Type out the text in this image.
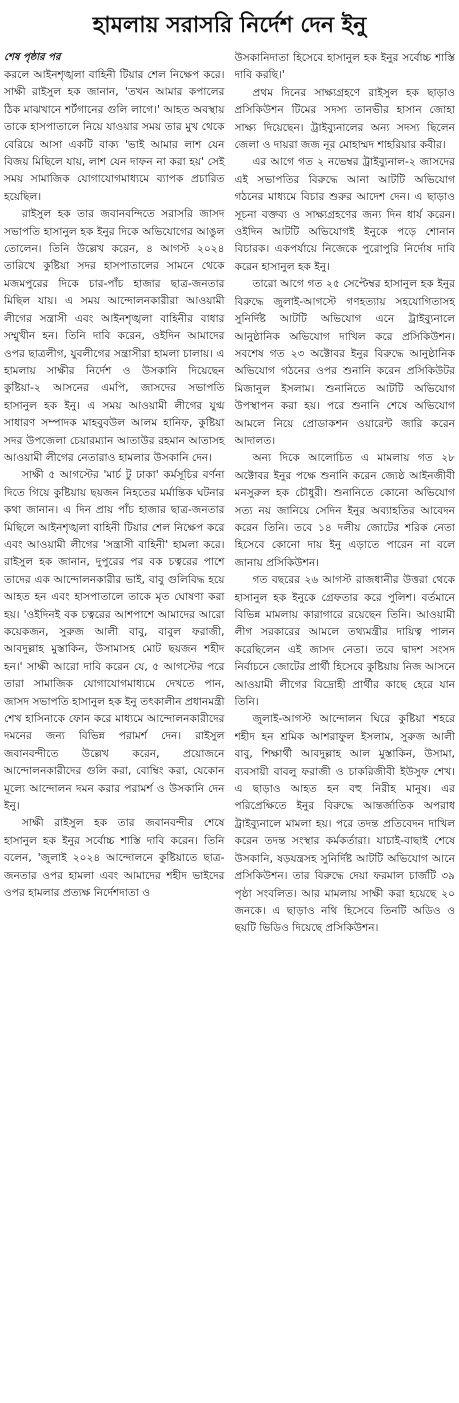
হামলায় সরাসরি নির্দেশ দেন ইনু
শেষ পৃষ্ঠার পর

করলে আইনশৃঙ্খলা বাহিনী টিয়ার শেল নিক্ষেপ করে। সাক্ষী রাইসুল হক জানান, 'তখন আমার কপালের ঠিক মাঝখানে শর্টগানের গুলি লাগে।' আহত অবস্থায় তাকে হাসপাতালে নিয়ে যাওয়ার সময় তার মুখ থেকে বেরিয়ে আসা একটি বাক্য 'ভাই আমার লাশ যেন বিজয় মিছিলে যায়, লাশ যেন দাফন না করা হয়' সেই সময় সামাজিক যোগাযোগমাধ্যমে ব্যাপক প্রচারিত হয়েছিল।

রাইসুল হক তার জবানবন্দিতে সরাসরি জাসদ সভাপতি হাসানুল হক ইনুর দিকে অভিযোগের আঙুল তোলেন। তিনি উল্লেখ করেন, ৪ আগস্ট ২০২৪ তারিখে কুষ্টিয়া সদর হাসপাতালের সামনে থেকে মজমপুরের দিকে চার-পাঁচ হাজার ছাত্র-জনতার মিছিল যায়। এ সময় আন্দোলনকারীরা আওয়ামী লীগের সন্ত্রাসী এবং আইনশৃঙ্খলা বাহিনীর বাধার সম্মুখীন হন। তিনি দাবি করেন, ওইদিন আমাদের ওপর ছাত্রলীগ, যুবলীগের সন্ত্রাসীরা হামলা চালায়। এ হামলায় সাক্ষীর নির্দেশ ও উসকানি দিয়েছেন কুষ্টিয়া-২ আসনের এমপি, জাসদের সভাপতি হাসানুল হক ইনু। এ সময় আওয়ামী লীগের যুগ্ম সাধারণ সম্পাদক মাহবুবউল আলম হানিফ, কুষ্টিয়া সদর উপজেলা চেয়ারম্যান আতাউর রহমান আতাসহ আওয়ামী লীগের নেতারাও হামলার উসকানি দেন।

সাক্ষী ৫ আগস্টের 'মার্চ টু ঢাকা' কর্মসূচির বর্ণনা দিতে গিয়ে কুষ্টিয়ায় ছয়জন নিহতের মর্মান্তিক ঘটনার কথা জানান। এ দিন প্রায় পাঁচ হাজার ছাত্র-জনতার মিছিলে আইনশৃঙ্খলা বাহিনী টিয়ার শেল নিক্ষেপ করে এবং আওয়ামী লীগের 'সন্ত্রাসী বাহিনী' হামলা করে। রাইসুল হক জানান, দুপুরের পর বক চত্বরের পাশে তাদের এক আন্দোলনকারীর ভাই, বাবু গুলিবিদ্ধ হয়ে আহত হন এবং হাসপাতালে তাকে মৃত ঘোষণা করা হয়। 'ওইদিনই বক চত্বরের আশপাশে আমাদের আরো কয়েকজন, সুরুজ আলী বাবু, বাবুল ফরাজী, আবদুল্লাহ মুস্তাকিন, উসামাসহ মোট ছয়জন শহীদ হন।' সাক্ষী আরো দাবি করেন যে, ৫ আগস্টের পরে তারা সামাজিক যোগাযোগমাধ্যমে দেখতে পান, জাসদ সভাপতি হাসানুল হক ইনু তৎকালীন প্রধানমন্ত্রী শেখ হাসিনাকে ফোন করে মাধ্যমে আন্দোলনকারীদের দমনের জন্য বিভিন্ন পরামর্শ দেন। রাইসুল জবানবন্দীতে উল্লেখ করেন, প্রয়োজনে আন্দোলনকারীদের গুলি করা, বোম্বিং করা, যেকোন মূল্যে আন্দোলন দমন করার পরামর্শ ও উসকানি দেন ইনু।

সাক্ষী রাইসুল হক তার জবানবন্দীর শেষে হাসানুল হক ইনুর সর্বোচ্চ শাস্তি দাবি করেন। তিনি বলেন, 'জুলাই ২০২৪ আন্দোলনে কুষ্টিয়াতে ছাত্র-জনতার ওপর হামলা এবং আমাদের শহীদ ভাইদের ওপর হামলার প্রত্যক্ষ নির্দেশদাতা ও

উসকানিদাতা হিসেবে হাসানুল হক ইনুর সর্বোচ্চ শাস্তি দাবি করছি।'

প্রথম দিনের সাক্ষ্যগ্রহণে রাইসুল হক ছাড়াও প্রসিকিউশন টিমের সদস্য তানভীর হাসান জোহা সাক্ষ্য দিয়েছেন। ট্রাইব্যুনালের অন্য সদস্য ছিলেন জেলা ও দায়রা জজ নূর মোহাম্মদ শাহরিয়ার কবীর।

এর আগে গত ২ নভেম্বর ট্রাইব্যুনাল-২ জাসদের এই সভাপতির বিরুদ্ধে আনা আটটি অভিযোগ গঠনের মাধ্যমে বিচার শুরুর আদেশ দেন। এ ছাড়াও সূচনা বক্তব্য ও সাক্ষ্যগ্রহণের জন্য দিন ধার্য করেন। ওইদিন আটটি অভিযোগই ইনুকে পড়ে শোনান বিচারক। একপর্যায়ে নিজেকে পুরোপুরি নির্দোষ দাবি করেন হাসানুল হক ইনু।

তারো আগে গত ২৫ সেপ্টেম্বর হাসানুল হক ইনুর বিরুদ্ধে জুলাই-আগস্টে গণহত্যায় সহযোগিতাসহ সুনির্দিষ্ট আটটি অভিযোগ এনে ট্রাইব্যুনালে আনুষ্ঠানিক অভিযোগ দাখিল করে প্রসিকিউশন। সবশেষ গত ২৩ অক্টোবর ইনুর বিরুদ্ধে আনুষ্ঠানিক অভিযোগ গঠনের ওপর শুনানি করেন প্রসিকিউটর মিজানুল ইসলাম। শুনানিতে আটটি অভিযোগ উপস্থাপন করা হয়। পরে শুনানি শেষে অভিযোগ আমলে নিয়ে প্রোডাকশন ওয়ারেন্ট জারি করেন আদালত।

অন্য দিকে আলোচিত এ মামলায় গত ২৮ অক্টোবর ইনুর পক্ষে শুনানি করেন জ্যেষ্ঠ আইনজীবী মনসুরুল হক চৌধুরী। শুনানিতে কোনো অভিযোগ সত্য নয় জানিয়ে সেদিন ইনুর অব্যাহতির আবেদন করেন তিনি। তবে ১৪ দলীয় জোটের শরিক নেতা হিসেবে কোনো দায় ইনু এড়াতে পারেন না বলে জানায় প্রসিকিউশন।

গত বছরের ২৬ আগস্ট রাজধানীর উত্তরা থেকে হাসানুল হক ইনুকে গ্রেফতার করে পুলিশ। বর্তমানে বিভিন্ন মামলায় কারাগারে রয়েছেন তিনি। আওয়ামী লীগ সরকারের আমলে তথ্যমন্ত্রীর দায়িত্ব পালন করেছিলেন এই জাসদ নেতা। তবে দ্বাদশ সংসদ নির্বাচনে জোটের প্রার্থী হিসেবে কুষ্টিয়ায় নিজ আসনে আওয়ামী লীগের বিদ্রোহী প্রার্থীর কাছে হেরে যান তিনি।

জুলাই-আগস্ট আন্দোলন ঘিরে কুষ্টিয়া শহরে শহীদ হন শ্রমিক আশরাফুল ইসলাম, সুরুজ আলী বাবু, শিক্ষার্থী আবদুল্লাহ আল মুস্তাকিন, উসামা, ব্যবসায়ী বাবলু ফরাজী ও চাকরিজীবী ইউসুফ শেখ। এ ছাড়াও আহত হন বহু নিরীহ মানুষ। এর পরিপ্রেক্ষিতে ইনুর বিরুদ্ধে আন্তর্জাতিক অপরাধ ট্রাইব্যুনালে মামলা হয়। পরে তদন্ত প্রতিবেদন দাখিল করেন তদন্ত সংস্থার কর্মকর্তারা। যাচাই-বাছাই শেষে উসকানি, ষড়যন্ত্রসহ সুনির্দিষ্ট আটটি অভিযোগ আনে প্রসিকিউশন। তার বিরুদ্ধে দেয়া ফরমাল চার্জটি ৩৯ পৃষ্ঠা সংবলিত। আর মামলায় সাক্ষী করা হয়েছে ২০ জনকে। এ ছাড়াও নথি হিসেবে তিনটি অডিও ও ছয়টি ভিডিও দিয়েছে প্রসিকিউশন।
